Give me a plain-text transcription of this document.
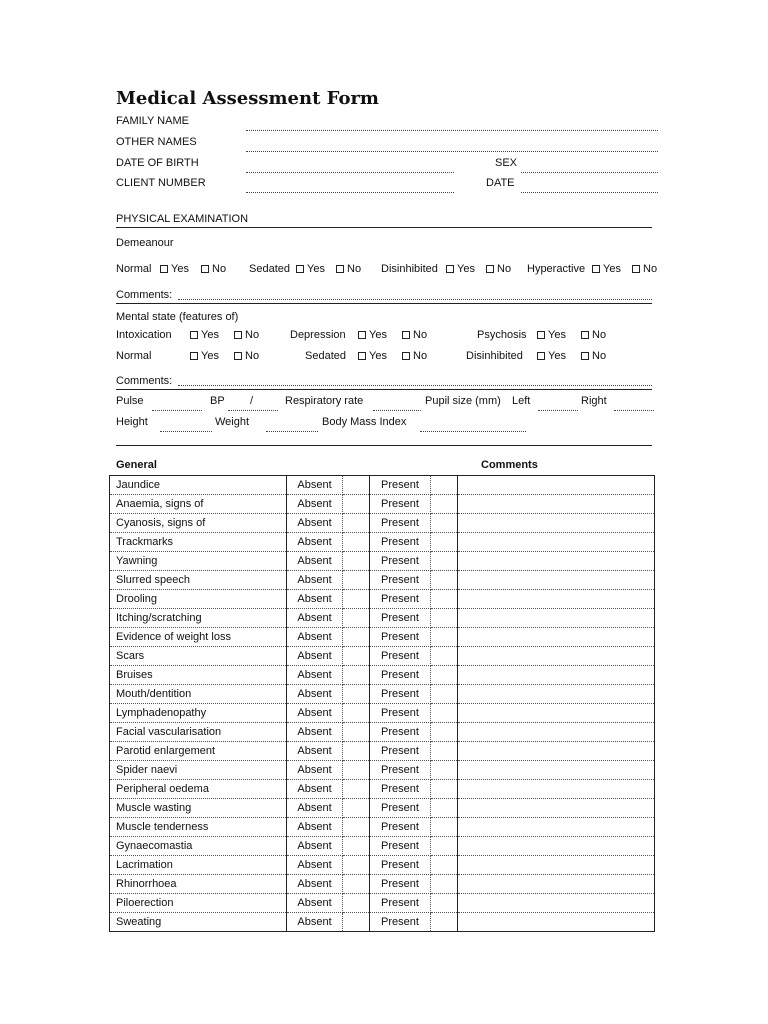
Medical Assessment Form
FAMILY NAME
OTHER NAMES
DATE OF BIRTH	SEX
CLIENT NUMBER	DATE
PHYSICAL EXAMINATION
Demeanour
Normal	Yes	No Sedated	Yes	No Disinhibited	Yes	No Hyperactive	Yes	No
Comments:
Mental state (features of)
Intoxication	Yes	No	Depression	Yes	No	Psychosis	Yes	No
Normal	Yes	No	Sedated	Yes	No	Disinhibited	Yes	No
Comments:
Pulse	BP /	Respiratory rate	Pupil size (mm) Left	Right
Height	Weight	Body Mass Index
General	Comments
Jaundice	Absent		Present		
Anaemia, signs of	Absent		Present		
Cyanosis, signs of	Absent		Present		
Trackmarks	Absent		Present		
Yawning	Absent		Present		
Slurred speech	Absent		Present		
Drooling	Absent		Present		
Itching/scratching	Absent		Present		
Evidence of weight loss	Absent		Present		
Scars	Absent		Present		
Bruises	Absent		Present		
Mouth/dentition	Absent		Present		
Lymphadenopathy	Absent		Present		
Facial vascularisation	Absent		Present		
Parotid enlargement	Absent		Present		
Spider naevi	Absent		Present		
Peripheral oedema	Absent		Present		
Muscle wasting	Absent		Present		
Muscle tenderness	Absent		Present		
Gynaecomastia	Absent		Present		
Lacrimation	Absent		Present		
Rhinorrhoea	Absent		Present		
Piloerection	Absent		Present		
Sweating	Absent		Present		
